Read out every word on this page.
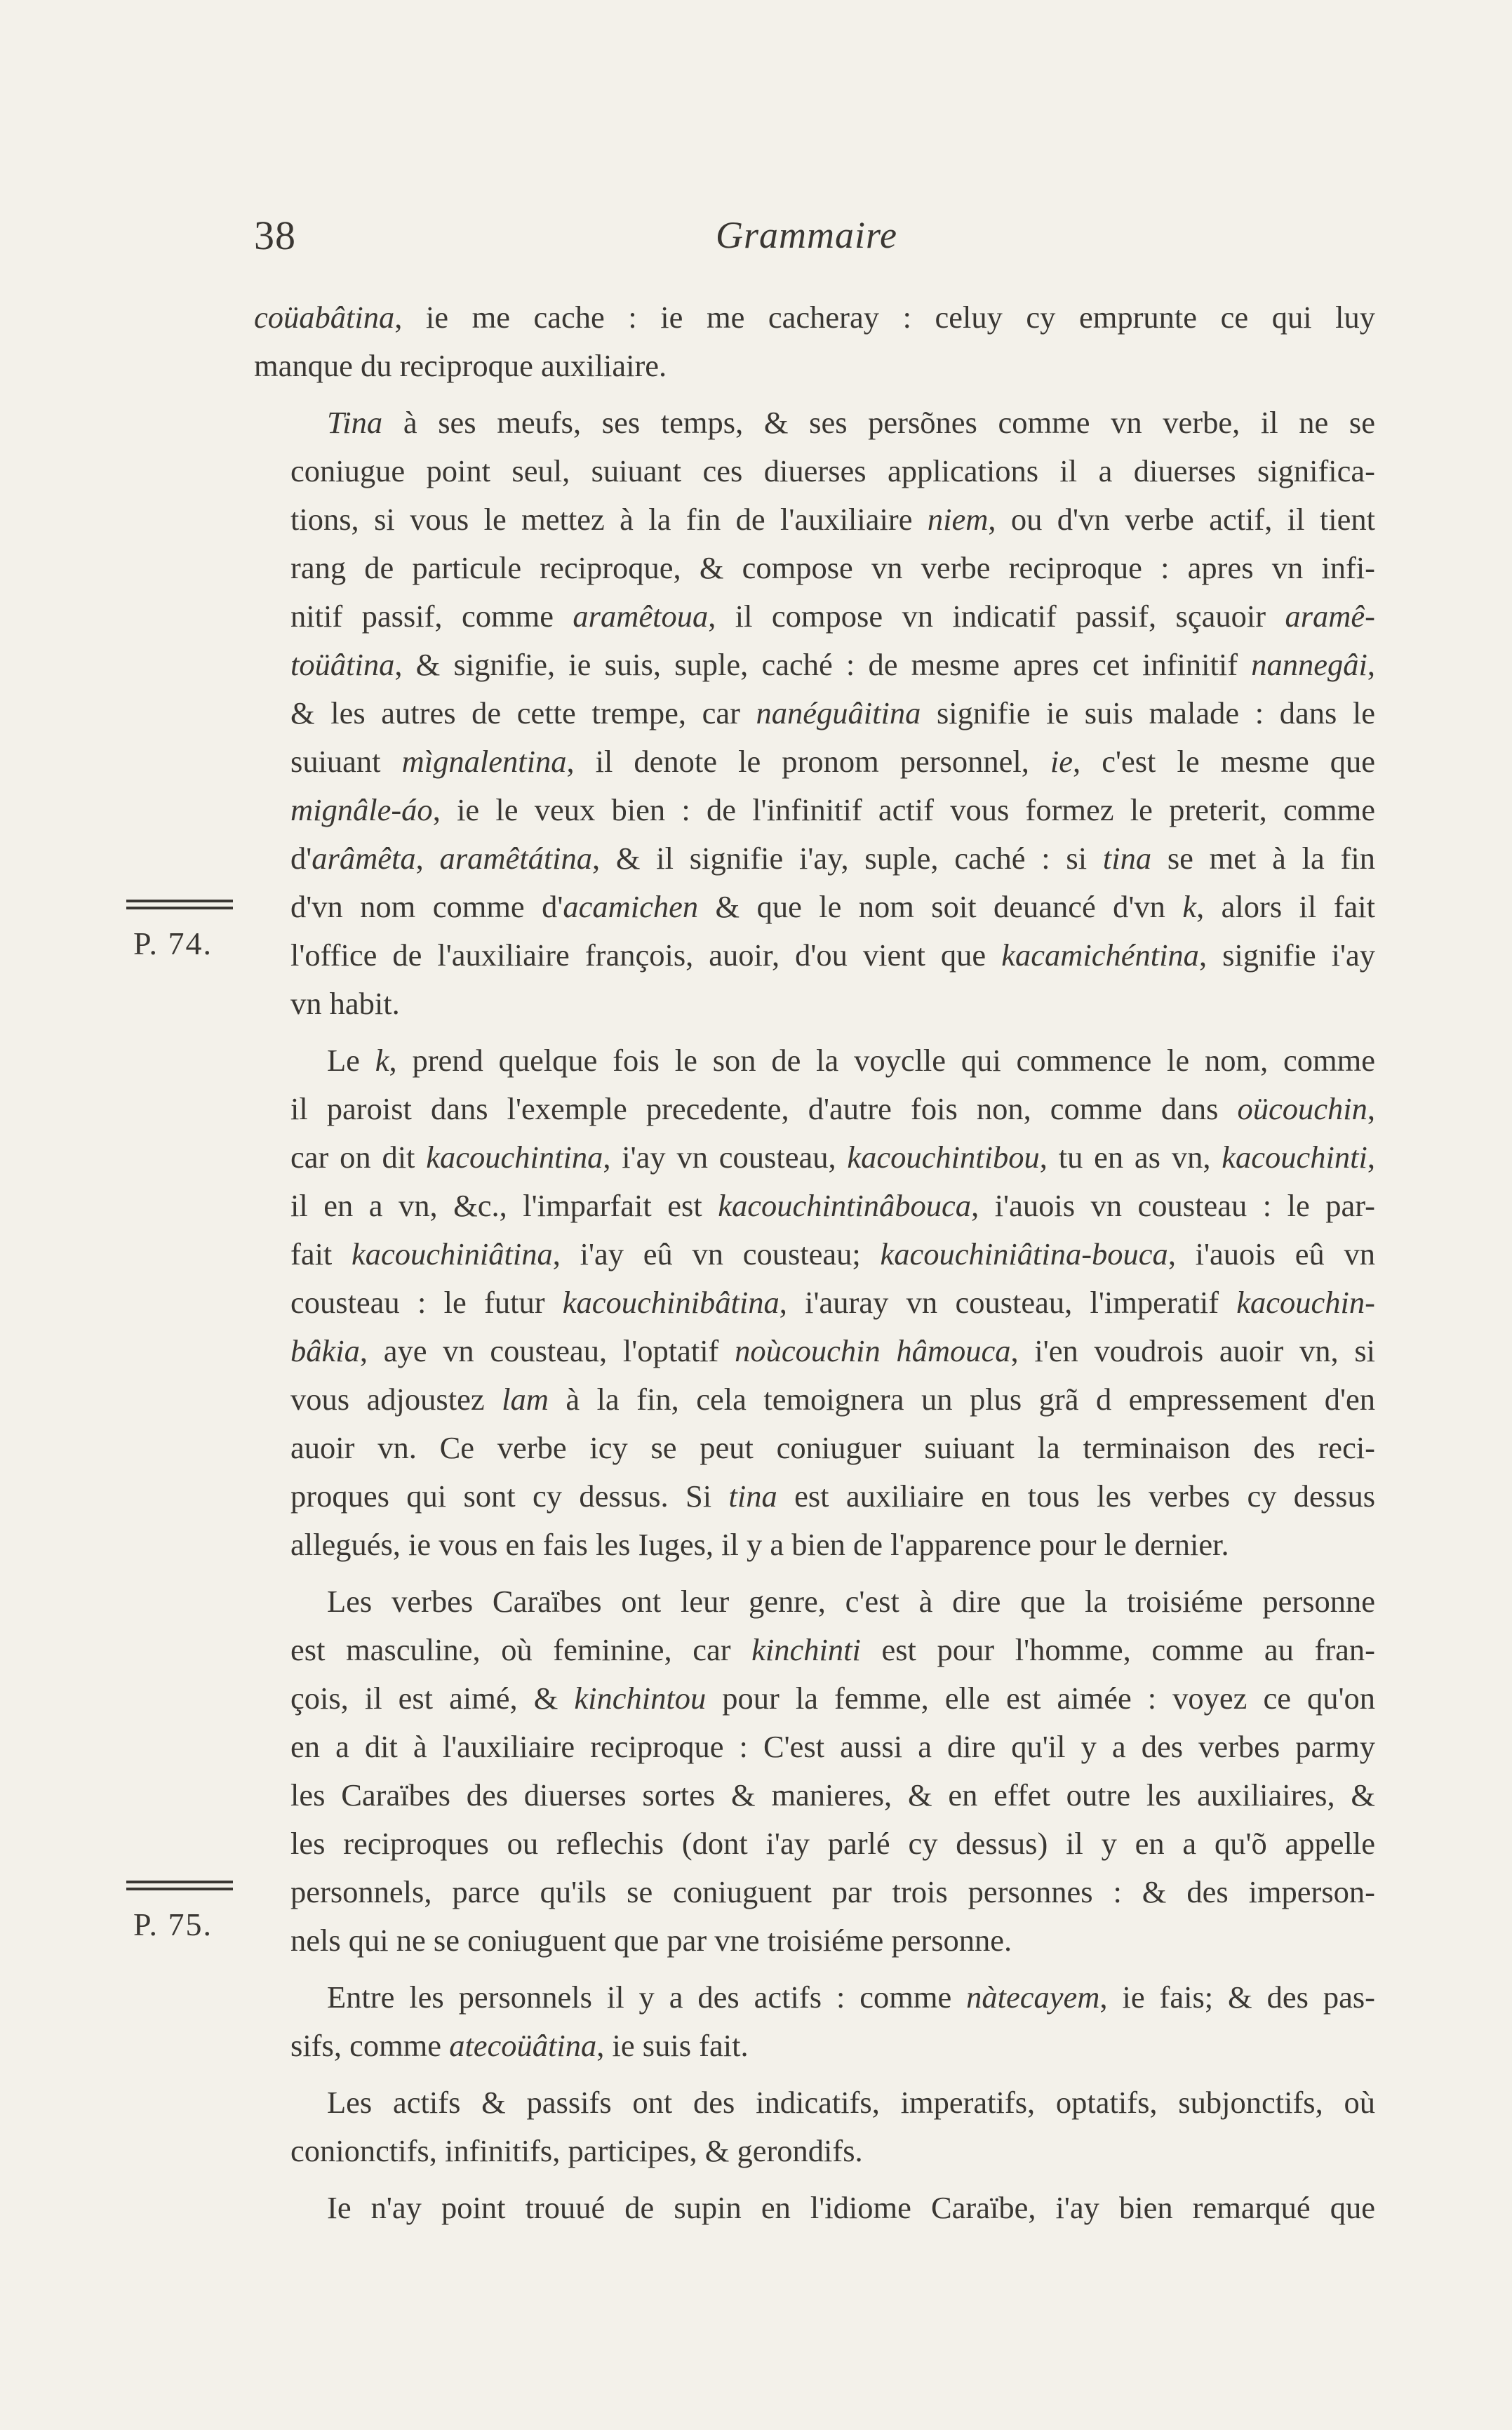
38	Grammaire
P. 74.
P. 75.
coüabâtina, ie me cache : ie me cacheray : celuy cy emprunte ce qui luy
manque du reciproque auxiliaire.
Tina à ses meufs, ses temps, & ses persõnes comme vn verbe, il ne se
coniugue point seul, suiuant ces diuerses applications il a diuerses significa-
tions, si vous le mettez à la fin de l'auxiliaire niem, ou d'vn verbe actif, il tient
rang de particule reciproque, & compose vn verbe reciproque : apres vn infi-
nitif passif, comme aramêtoua, il compose vn indicatif passif, sçauoir aramê-
toüâtina, & signifie, ie suis, suple, caché : de mesme apres cet infinitif nannegâi,
& les autres de cette trempe, car nanéguâitina signifie ie suis malade : dans le
suiuant mìgnalentina, il denote le pronom personnel, ie, c'est le mesme que
mignâle-áo, ie le veux bien : de l'infinitif actif vous formez le preterit, comme
d'arâmêta, aramêtátina, & il signifie i'ay, suple, caché : si tina se met à la fin
d'vn nom comme d'acamichen & que le nom soit deuancé d'vn k, alors il fait
l'office de l'auxiliaire françois, auoir, d'ou vient que kacamichéntina, signifie i'ay
vn habit.
Le k, prend quelque fois le son de la voyclle qui commence le nom, comme
il paroist dans l'exemple precedente, d'autre fois non, comme dans oücouchin,
car on dit kacouchintina, i'ay vn cousteau, kacouchintibou, tu en as vn, kacouchinti,
il en a vn, &c., l'imparfait est kacouchintinâbouca, i'auois vn cousteau : le par-
fait kacouchiniâtina, i'ay eû vn cousteau; kacouchiniâtina-bouca, i'auois eû vn
cousteau : le futur kacouchinibâtina, i'auray vn cousteau, l'imperatif kacouchin-
bâkia, aye vn cousteau, l'optatif noùcouchin hâmouca, i'en voudrois auoir vn, si
vous adjoustez lam à la fin, cela temoignera un plus grã d empressement d'en
auoir vn. Ce verbe icy se peut coniuguer suiuant la terminaison des reci-
proques qui sont cy dessus. Si tina est auxiliaire en tous les verbes cy dessus
allegués, ie vous en fais les Iuges, il y a bien de l'apparence pour le dernier.
Les verbes Caraïbes ont leur genre, c'est à dire que la troisiéme personne
est masculine, où feminine, car kinchinti est pour l'homme, comme au fran-
çois, il est aimé, & kinchintou pour la femme, elle est aimée : voyez ce qu'on
en a dit à l'auxiliaire reciproque : C'est aussi a dire qu'il y a des verbes parmy
les Caraïbes des diuerses sortes & manieres, & en effet outre les auxiliaires, &
les reciproques ou reflechis (dont i'ay parlé cy dessus) il y en a qu'õ appelle
personnels, parce qu'ils se coniuguent par trois personnes : & des imperson-
nels qui ne se coniuguent que par vne troisiéme personne.
Entre les personnels il y a des actifs : comme nàtecayem, ie fais; & des pas-
sifs, comme atecoüâtina, ie suis fait.
Les actifs & passifs ont des indicatifs, imperatifs, optatifs, subjonctifs, où
conionctifs, infinitifs, participes, & gerondifs.
Ie n'ay point trouué de supin en l'idiome Caraïbe, i'ay bien remarqué que
